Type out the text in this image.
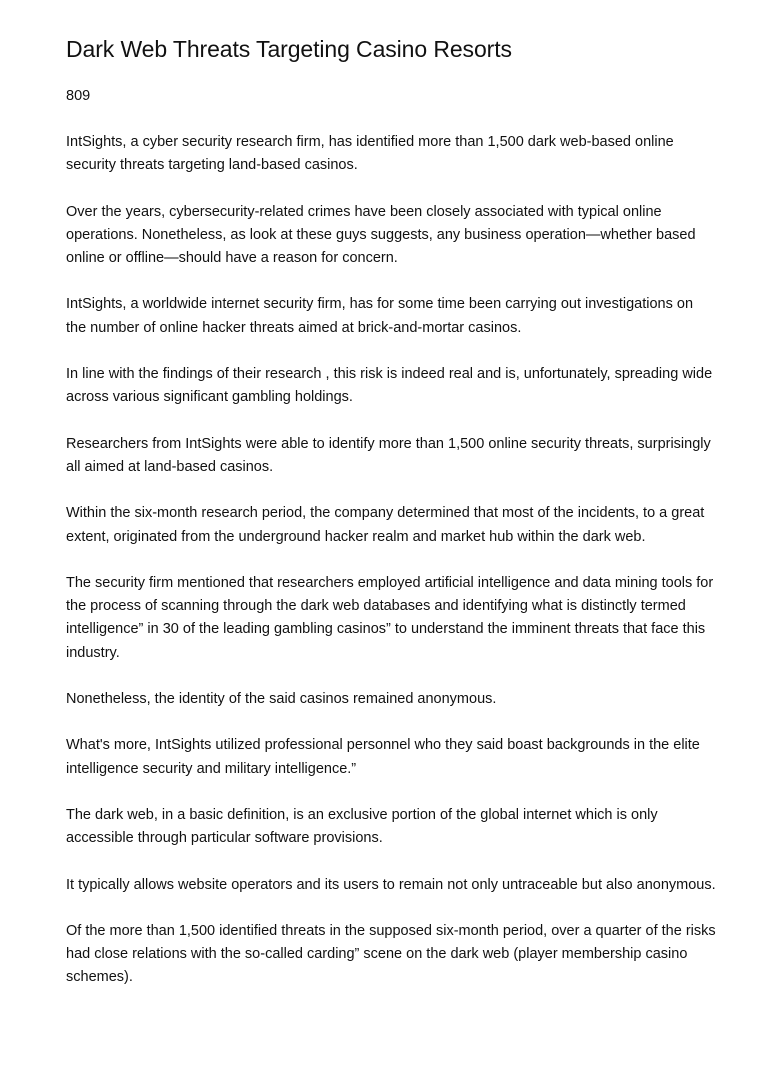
Dark Web Threats Targeting Casino Resorts

809

IntSights, a cyber security research firm, has identified more than 1,500 dark web-based online security threats targeting land-based casinos.

Over the years, cybersecurity-related crimes have been closely associated with typical online operations. Nonetheless, as look at these guys suggests, any business operation—whether based online or offline—should have a reason for concern.

IntSights, a worldwide internet security firm, has for some time been carrying out investigations on the number of online hacker threats aimed at brick-and-mortar casinos.

In line with the findings of their research , this risk is indeed real and is, unfortunately, spreading wide across various significant gambling holdings.

Researchers from IntSights were able to identify more than 1,500 online security threats, surprisingly all aimed at land-based casinos.

Within the six-month research period, the company determined that most of the incidents, to a great extent, originated from the underground hacker realm and market hub within the dark web.

The security firm mentioned that researchers employed artificial intelligence and data mining tools for the process of scanning through the dark web databases and identifying what is distinctly termed intelligence” in 30 of the leading gambling casinos” to understand the imminent threats that face this industry.

Nonetheless, the identity of the said casinos remained anonymous.

What's more, IntSights utilized professional personnel who they said boast backgrounds in the elite intelligence security and military intelligence.”

The dark web, in a basic definition, is an exclusive portion of the global internet which is only accessible through particular software provisions.

It typically allows website operators and its users to remain not only untraceable but also anonymous.

Of the more than 1,500 identified threats in the supposed six-month period, over a quarter of the risks had close relations with the so-called carding” scene on the dark web (player membership casino schemes).
